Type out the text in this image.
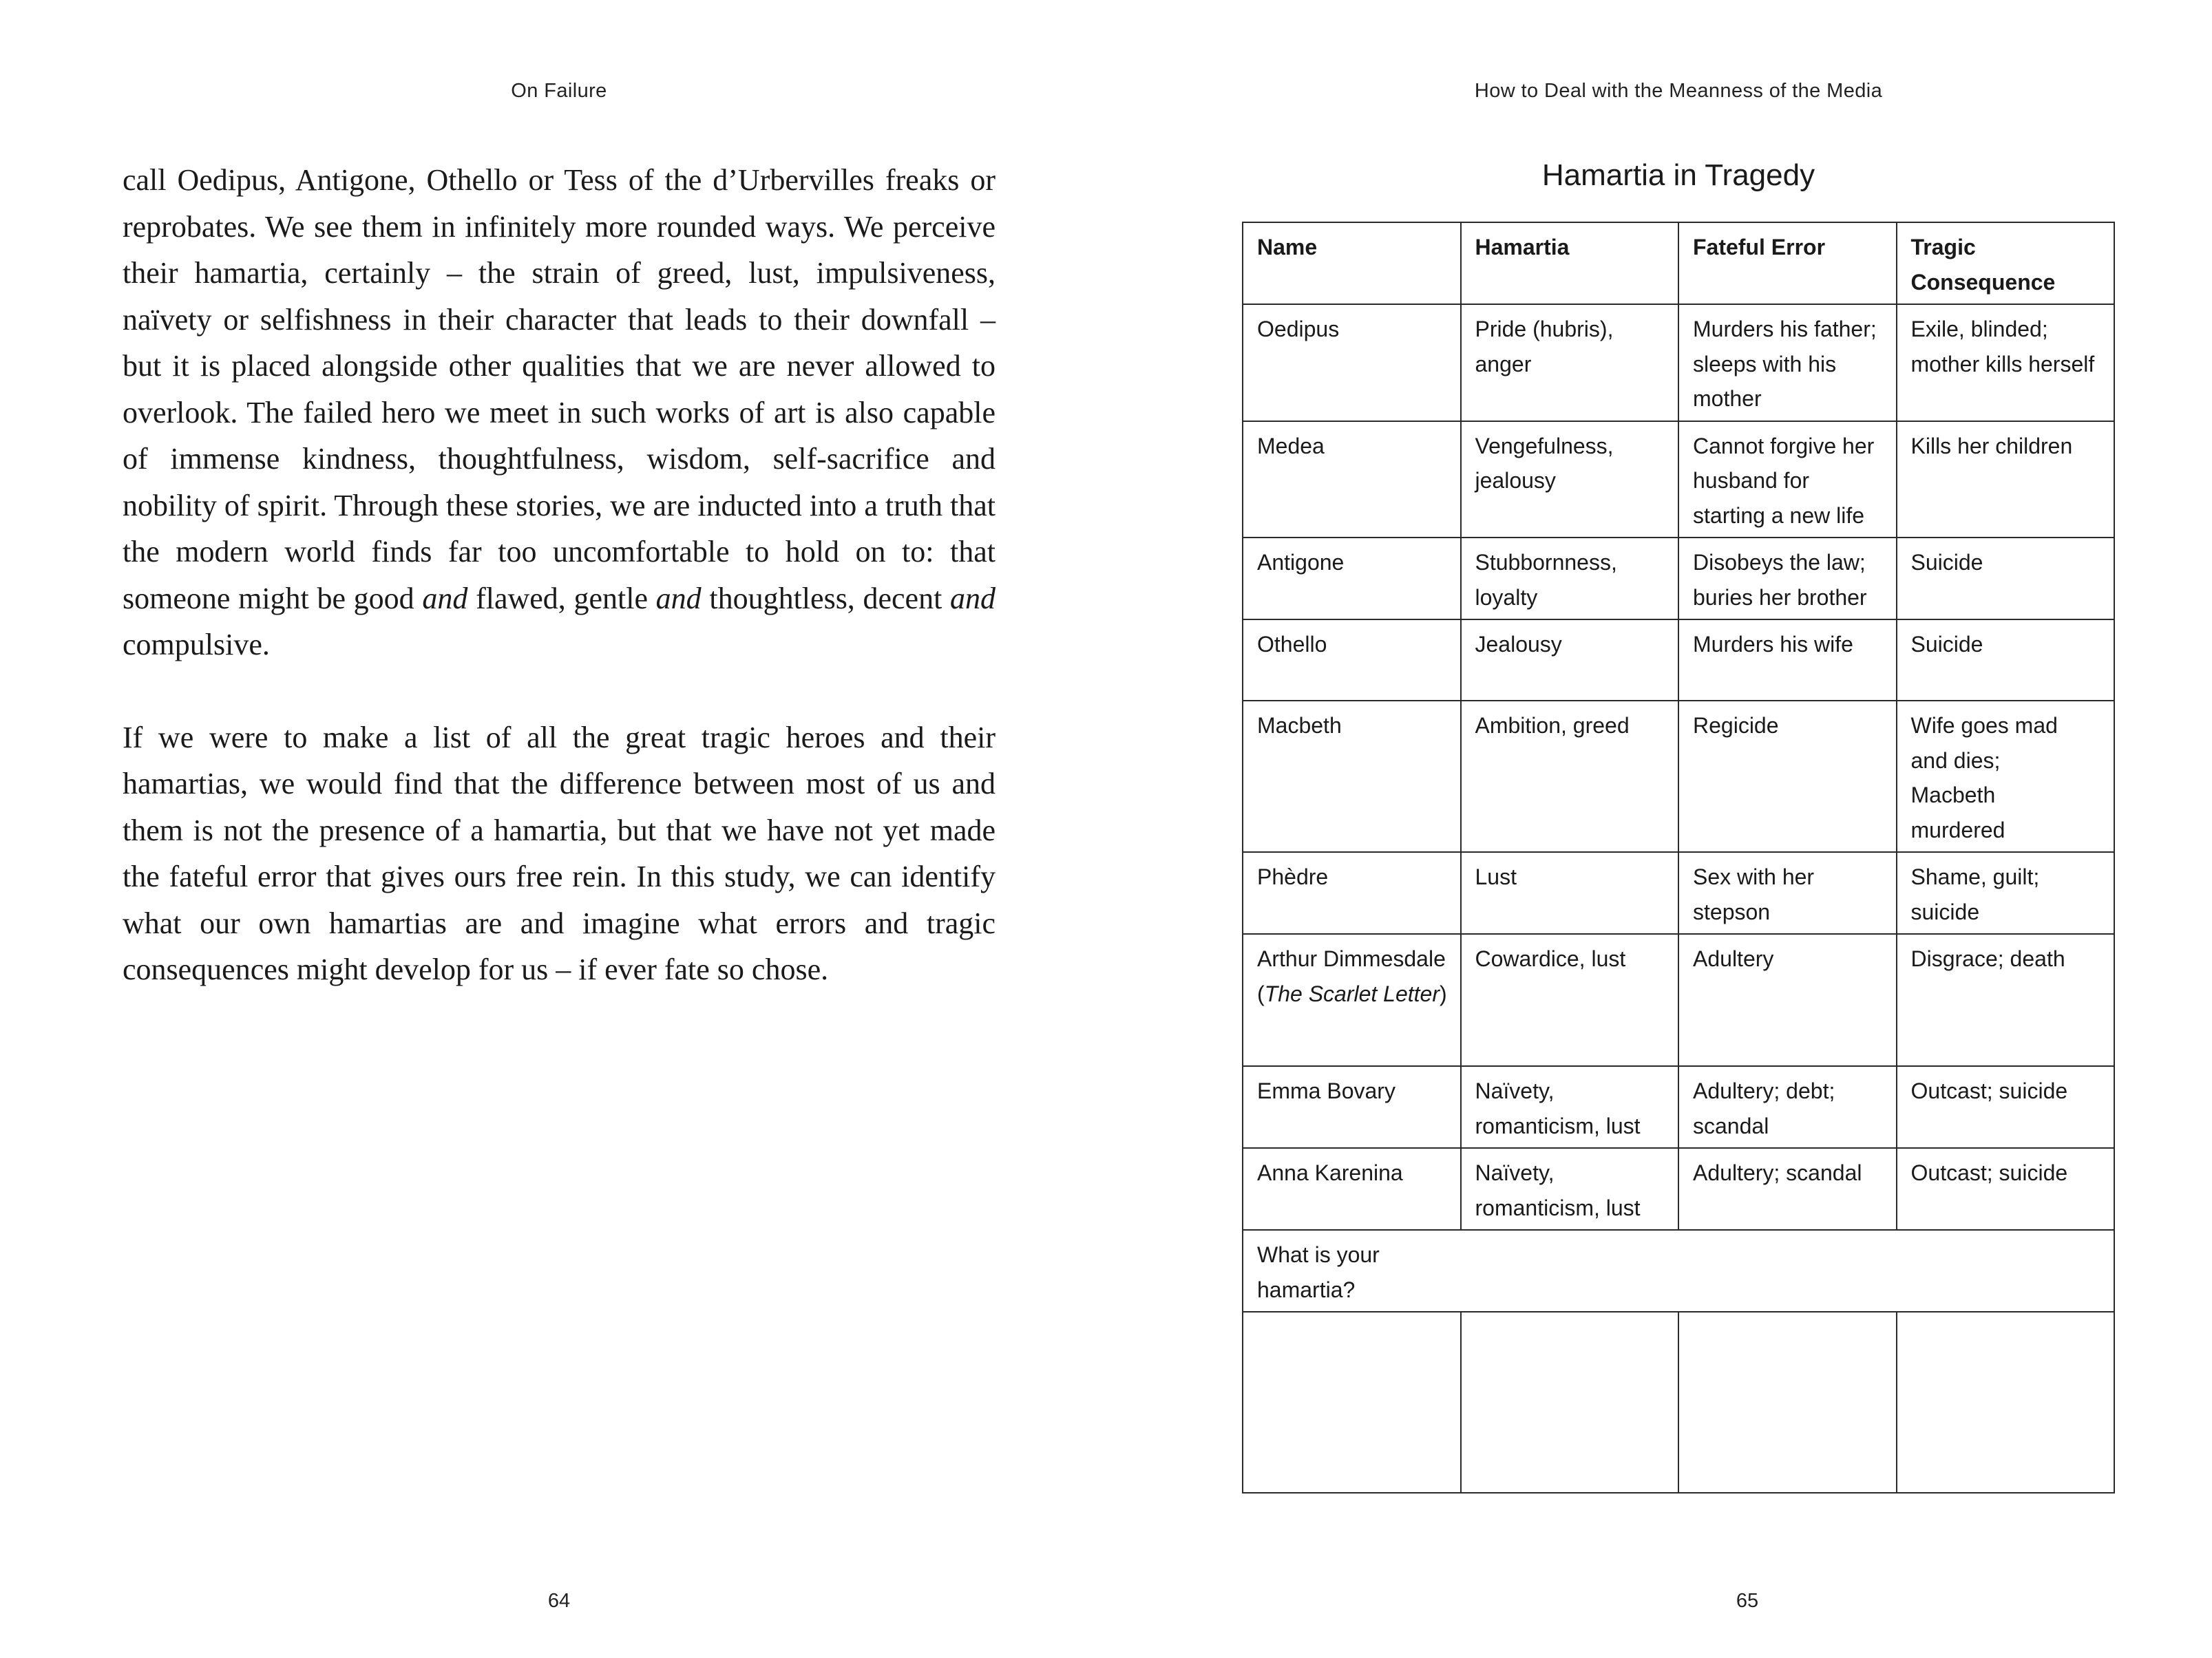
On Failure

call Oedipus, Antigone, Othello or Tess of the d’Urbervilles freaks or reprobates. We see them in infinitely more rounded ways. We perceive their hamartia, certainly – the strain of greed, lust, impulsiveness, naïvety or selfishness in their character that leads to their downfall – but it is placed alongside other qualities that we are never allowed to overlook. The failed hero we meet in such works of art is also capable of immense kindness, thoughtfulness, wisdom, self-sacrifice and nobility of spirit. Through these stories, we are inducted into a truth that the modern world finds far too uncomfortable to hold on to: that someone might be good and flawed, gentle and thoughtless, decent and compulsive.

If we were to make a list of all the great tragic heroes and their hamartias, we would find that the difference between most of us and them is not the presence of a hamartia, but that we have not yet made the fateful error that gives ours free rein. In this study, we can identify what our own hamartias are and imagine what errors and tragic consequences might develop for us – if ever fate so chose.

64
How to Deal with the Meanness of the Media
Hamartia in Tragedy
Name	Hamartia	Fateful Error	Tragic Consequence
Oedipus	Pride (hubris), anger	Murders his father; sleeps with his mother	Exile, blinded; mother kills herself
Medea	Vengefulness, jealousy	Cannot forgive her husband for starting a new life	Kills her children
Antigone	Stubbornness, loyalty	Disobeys the law; buries her brother	Suicide
Othello	Jealousy	Murders his wife	Suicide
Macbeth	Ambition, greed	Regicide	Wife goes mad and dies; Macbeth murdered
Phèdre	Lust	Sex with her stepson	Shame, guilt; suicide
Arthur Dimmesdale (The Scarlet Letter)	Cowardice, lust	Adultery	Disgrace; death
Emma Bovary	Naïvety, romanticism, lust	Adultery; debt; scandal	Outcast; suicide
Anna Karenina	Naïvety, romanticism, lust	Adultery; scandal	Outcast; suicide

What is your hamartia?			

65
